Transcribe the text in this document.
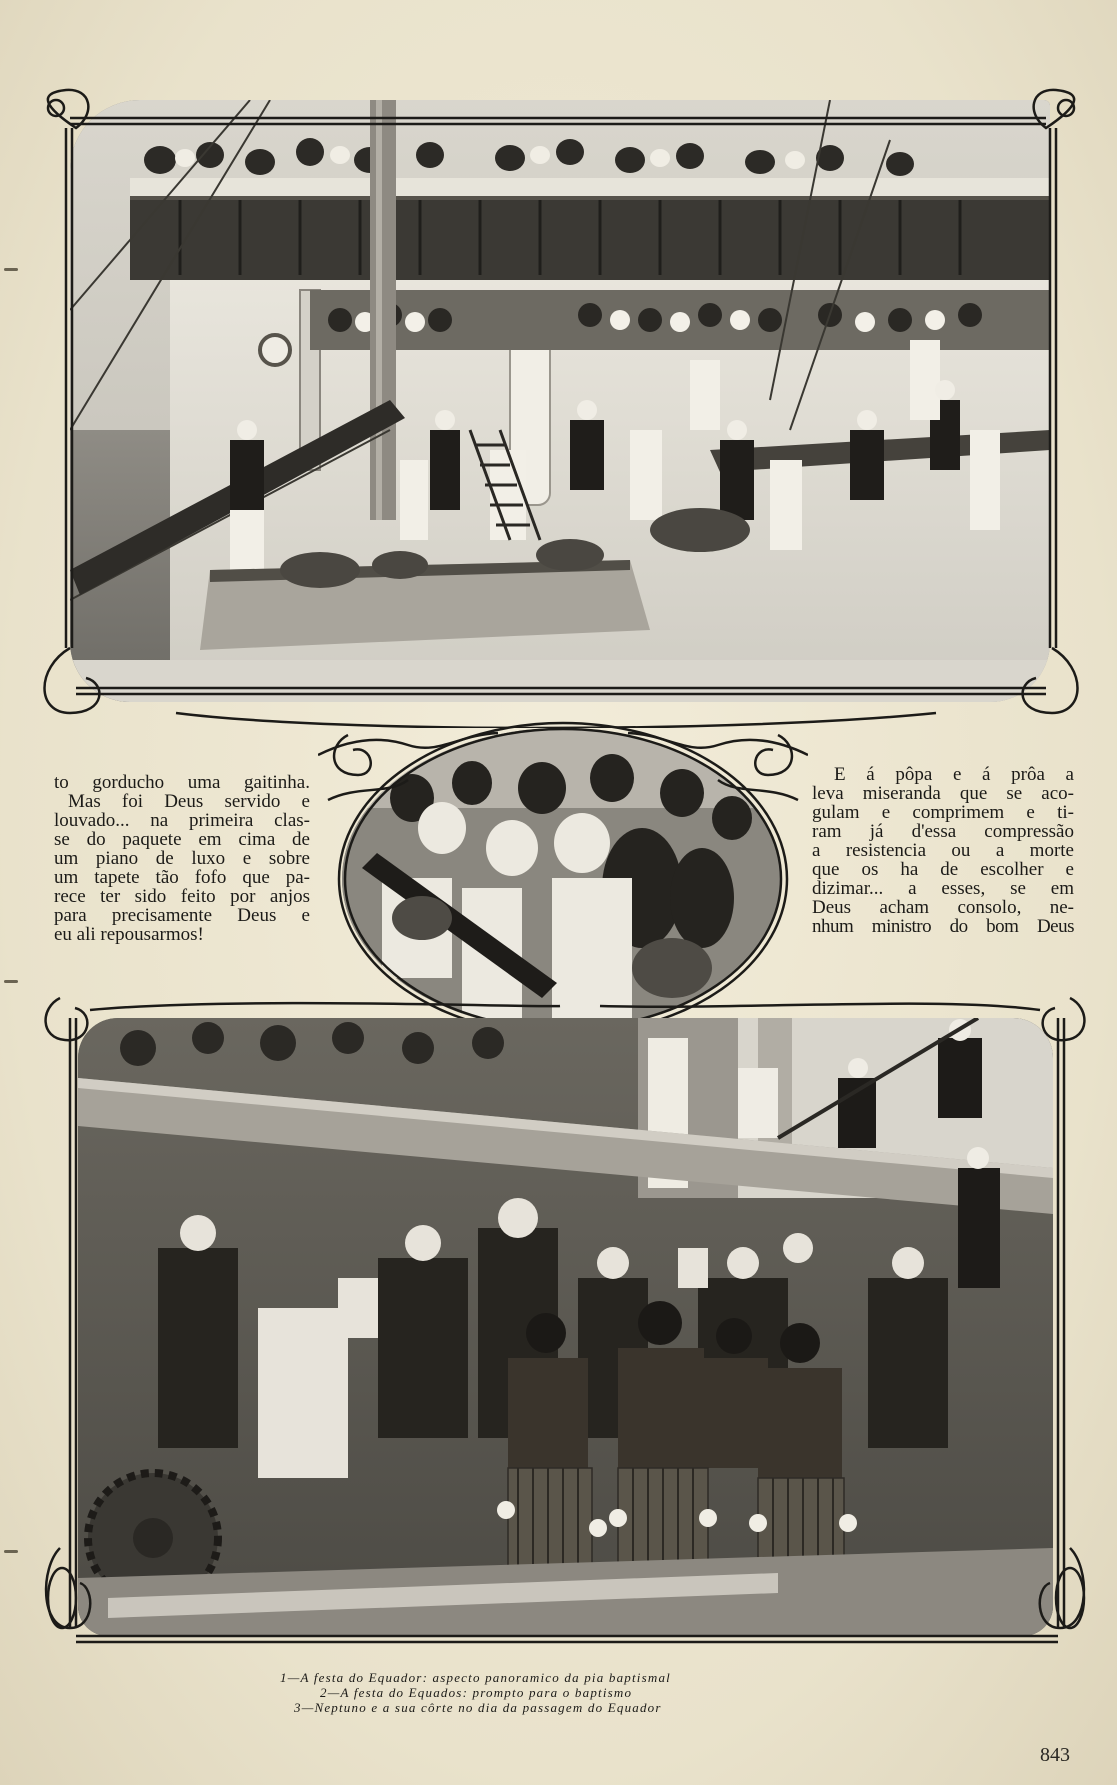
to gorducho uma gaitinha.
Mas foi Deus servido e
louvado... na primeira clas-
se do paquete em cima de
um piano de luxo e sobre
um tapete tão fofo que pa-
rece ter sido feito por anjos
para precisamente Deus e
eu ali repousarmos!
E á pôpa e á prôa a
leva miseranda que se aco-
gulam e comprimem e ti-
ram já d'essa compressão
a resistencia ou a morte
que os ha de escolher e
dizimar... a esses, se em
Deus acham consolo, ne-
nhum ministro do bom Deus
1—A festa do Equador: aspecto panoramico da pia baptismal
2—A festa do Equados: prompto para o baptismo
3—Neptuno e a sua côrte no dia da passagem do Equador
843
